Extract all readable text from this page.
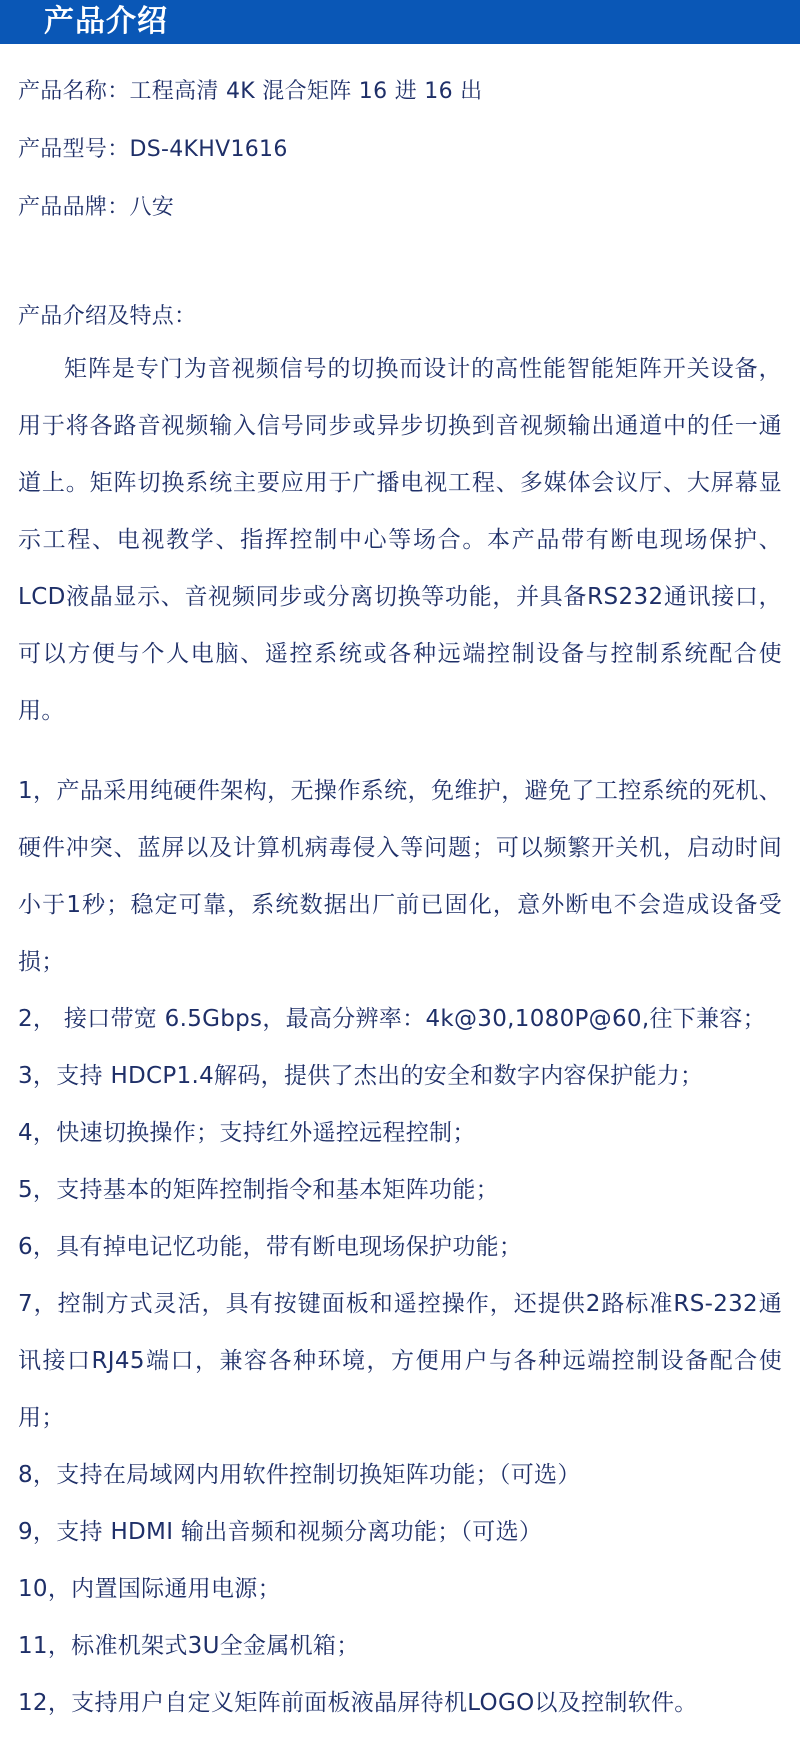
产品介绍
产品名称：工程高清 4K 混合矩阵 16 进 16 出
产品型号：DS-4KHV1616
产品品牌：八安
产品介绍及特点：

矩阵是专门为音视频信号的切换而设计的高性能智能矩阵开关设备，用于将各路音视频输入信号同步或异步切换到音视频输出通道中的任一通道上。矩阵切换系统主要应用于广播电视工程、多媒体会议厅、大屏幕显示工程、电视教学、指挥控制中心等场合。本产品带有断电现场保护、LCD液晶显示、音视频同步或分离切换等功能，并具备RS232通讯接口，可以方便与个人电脑、遥控系统或各种远端控制设备与控制系统配合使用。

1，产品采用纯硬件架构，无操作系统，免维护，避免了工控系统的死机、硬件冲突、蓝屏以及计算机病毒侵入等问题；可以频繁开关机，启动时间小于1秒；稳定可靠，系统数据出厂前已固化，意外断电不会造成设备受损；

2， 接口带宽 6.5Gbps，最高分辨率：4k@30,1080P@60,往下兼容；

3，支持 HDCP1.4解码，提供了杰出的安全和数字内容保护能力；

4，快速切换操作；支持红外遥控远程控制；

5，支持基本的矩阵控制指令和基本矩阵功能；

6，具有掉电记忆功能，带有断电现场保护功能；

7，控制方式灵活，具有按键面板和遥控操作，还提供2路标准RS-232通讯接口RJ45端口，兼容各种环境，方便用户与各种远端控制设备配合使用；

8，支持在局域网内用软件控制切换矩阵功能；（可选）

9，支持 HDMI 输出音频和视频分离功能；（可选）

10，内置国际通用电源；

11，标准机架式3U全金属机箱；

12，支持用户自定义矩阵前面板液晶屏待机LOGO以及控制软件。
